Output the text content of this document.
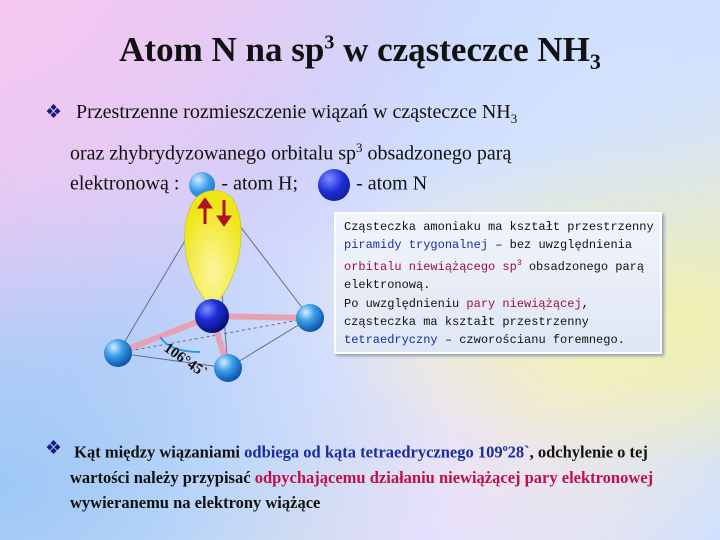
Atom N na $sp^3$ w cząsteczce $NH_3$
❖ Przestrzenne rozmieszczenie wiązań w cząsteczce $NH_3$
oraz zhybrydyzowanego orbitalu $sp^3$ obsadzonego parą
elektronową : - atom H;	- atom N
106°45`
Cząsteczka amoniaku ma kształt przestrzenny piramidy trygonalnej – bez uwzględnienia orbitalu niewiążącego $sp^3$ obsadzonego parą elektronową.
Po uwzględnieniu pary niewiążącej, cząsteczka ma kształt przestrzenny tetraedryczny – czworościanu foremnego.
❖ Kąt między wiązaniami odbiega od kąta tetraedrycznego 109$^o$28`, odchylenie o tej wartości należy przypisać odpychającemu działaniu niewiążącej pary elektronowej wywieranemu na elektrony wiążące
